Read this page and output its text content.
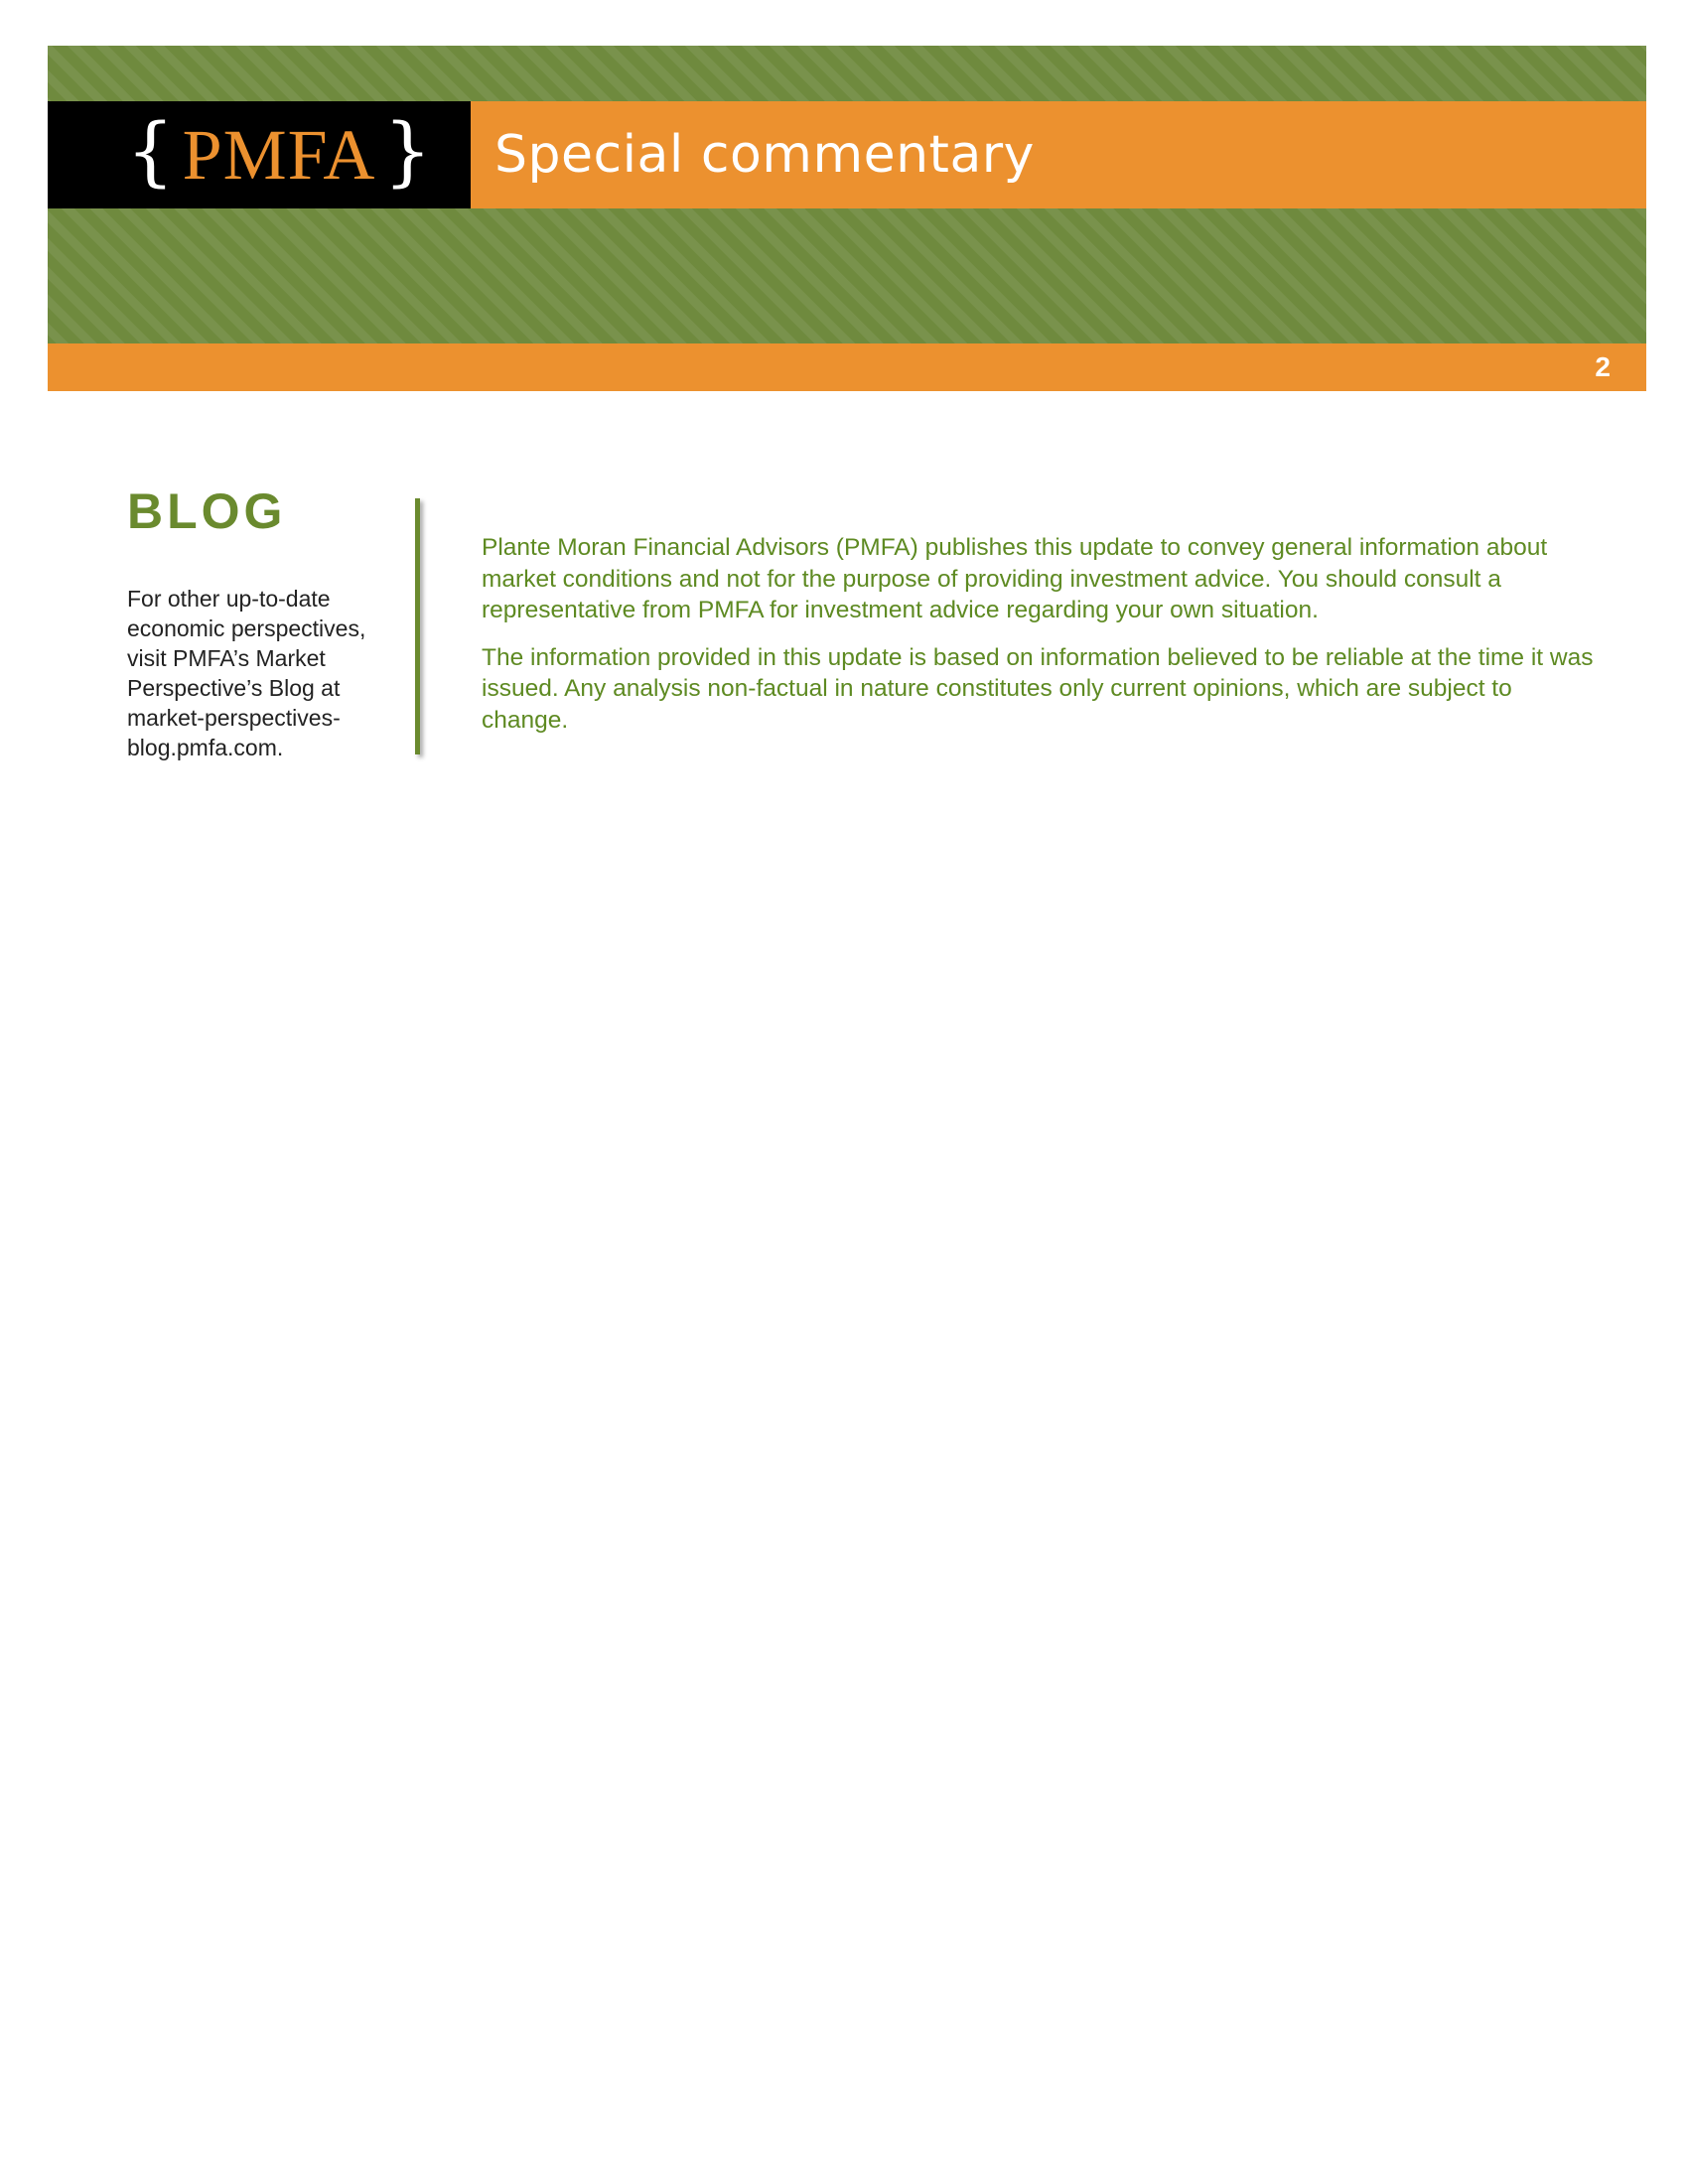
{ PMFA } Special commentary
2
BLOG

For other up-to-date economic perspectives, visit PMFA’s Market Perspective’s Blog at market-perspectives-blog.pmfa.com.

Plante Moran Financial Advisors (PMFA) publishes this update to convey general information about market conditions and not for the purpose of providing investment advice. You should consult a representative from PMFA for investment advice regarding your own situation.

The information provided in this update is based on information believed to be reliable at the time it was issued. Any analysis non-factual in nature constitutes only current opinions, which are subject to change.
